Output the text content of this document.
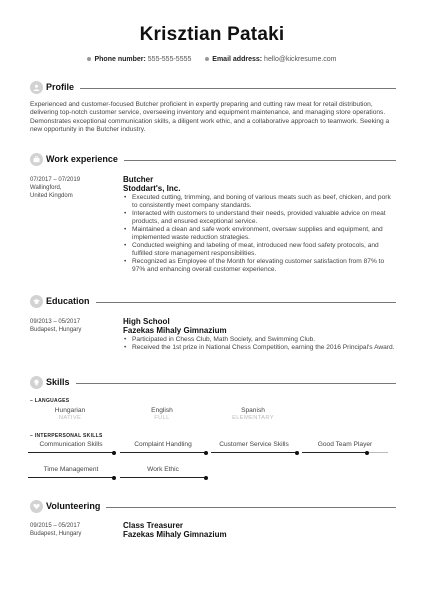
Krisztian Pataki
Phone number: 555-555-5555	Email address: hello@kickresume.com
Profile
Experienced and customer-focused Butcher proficient in expertly preparing and cutting raw meat for retail distribution, delivering top-notch customer service, overseeing inventory and equipment maintenance, and managing store operations. Demonstrates exceptional communication skills, a diligent work ethic, and a collaborative approach to teamwork. Seeking a new opportunity in the Butcher industry.
Work experience
07/2017 – 07/2019
Wallingford,
United Kingdom
Butcher
Stoddart's, Inc.
• Executed cutting, trimming, and boning of various meats such as beef, chicken, and pork to consistently meet company standards.
• Interacted with customers to understand their needs, provided valuable advice on meat products, and ensured exceptional service.
• Maintained a clean and safe work environment, oversaw supplies and equipment, and implemented waste reduction strategies.
• Conducted weighing and labeling of meat, introduced new food safety protocols, and fulfilled store management responsibilities.
• Recognized as Employee of the Month for elevating customer satisfaction from 87% to 97% and enhancing overall customer experience.
Education
09/2013 – 05/2017
Budapest, Hungary
High School
Fazekas Mihaly Gimnazium
• Participated in Chess Club, Math Society, and Swimming Club.
• Received the 1st prize in National Chess Competition, earning the 2016 Principal's Award.
Skills
– LANGUAGES
Hungarian
NATIVE
English
FULL
Spanish
ELEMENTARY
– INTERPERSONAL SKILLS
Communication Skills	Complaint Handling	Customer Service Skills	Good Team Player
Time Management	Work Ethic
Volunteering
09/2015 – 05/2017
Budapest, Hungary
Class Treasurer
Fazekas Mihaly Gimnazium
